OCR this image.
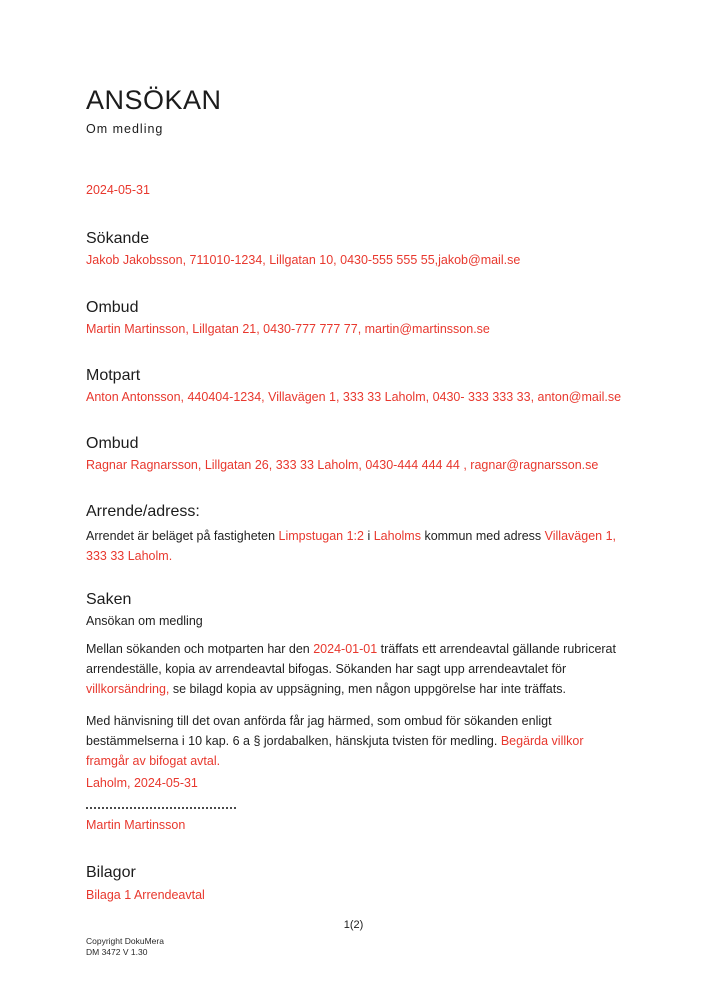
ANSÖKAN

Om medling

2024-05-31

Sökande

Jakob Jakobsson, 711010-1234, Lillgatan 10, 0430-555 555 55,jakob@mail.se

Ombud

Martin Martinsson, Lillgatan 21, 0430-777 777 77, martin@martinsson.se

Motpart

Anton Antonsson, 440404-1234, Villavägen 1, 333 33 Laholm, 0430- 333 333 33, anton@mail.se

Ombud

Ragnar Ragnarsson, Lillgatan 26, 333 33 Laholm, 0430-444 444 44 , ragnar@ragnarsson.se

Arrende/adress:

Arrendet är beläget på fastigheten Limpstugan 1:2 i Laholms kommun med adress Villavägen 1, 333 33 Laholm.

Saken

Ansökan om medling

Mellan sökanden och motparten har den 2024-01-01 träffats ett arrendeavtal gällande rubricerat arrendeställe, kopia av arrendeavtal bifogas. Sökanden har sagt upp arrendeavtalet för villkorsändring, se bilagd kopia av uppsägning, men någon uppgörelse har inte träffats.

Med hänvisning till det ovan anförda får jag härmed, som ombud för sökanden enligt bestämmelserna i 10 kap. 6 a § jordabalken, hänskjuta tvisten för medling. Begärda villkor framgår av bifogat avtal.

Laholm, 2024-05-31

Martin Martinsson

Bilagor

Bilaga 1 Arrendeavtal

1(2)
Copyright DokuMera
DM 3472 V 1.30
